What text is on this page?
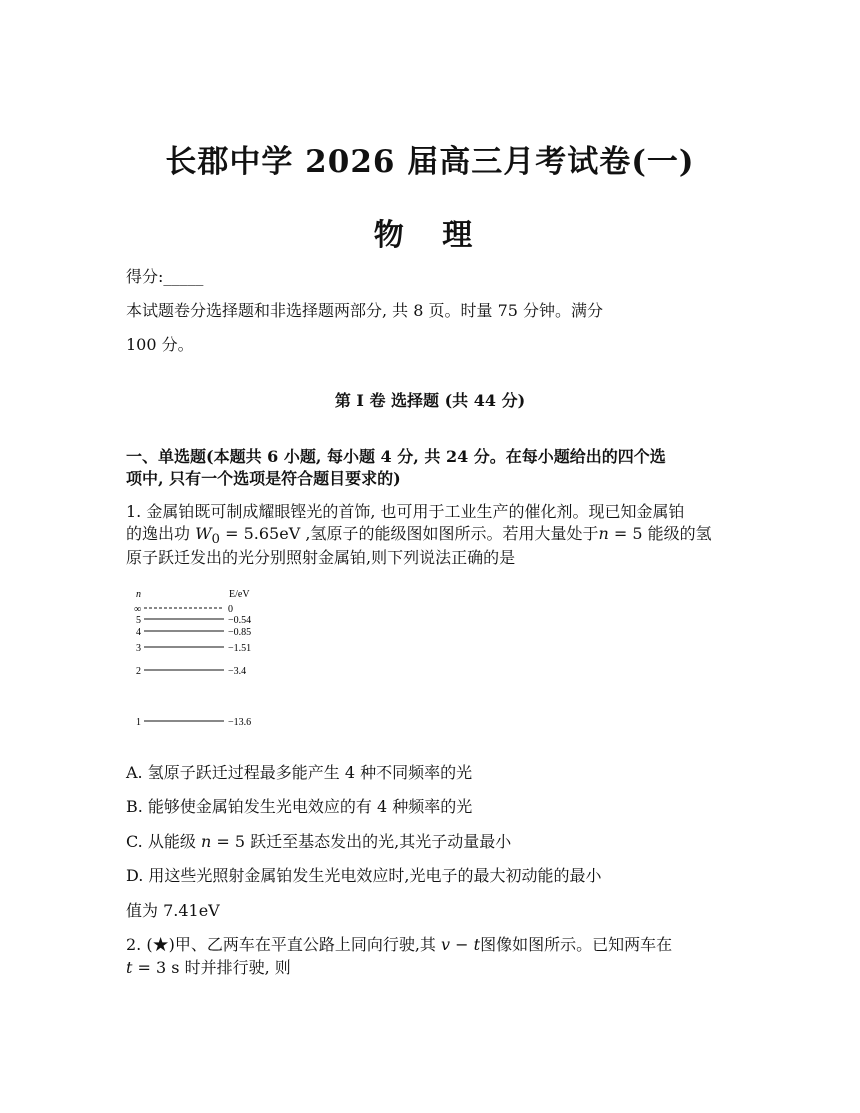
长郡中学 2026 届高三月考试卷(一)
物 理
得分:_____
本试题卷分选择题和非选择题两部分, 共 8 页。时量 75 分钟。满分
100 分。
第 I 卷 选择题 (共 44 分)
一、单选题(本题共 6 小题, 每小题 4 分, 共 24 分。在每小题给出的四个选
项中, 只有一个选项是符合题目要求的)
1. 金属铂既可制成耀眼铿光的首饰, 也可用于工业生产的催化剂。现已知金属铂
的逸出功 $W_0 = 5.65eV$ ,氢原子的能级图如图所示。若用大量处于n = 5 能级的氢
原子跃迁发出的光分别照射金属铂,则下列说法正确的是
n	E/eV
∞	0
5	−0.54
4	−0.85
3	−1.51
2	−3.4
1	−13.6
A. 氢原子跃迁过程最多能产生 4 种不同频率的光
B. 能够使金属铂发生光电效应的有 4 种频率的光
C. 从能级 n = 5 跃迁至基态发出的光,其光子动量最小
D. 用这些光照射金属铂发生光电效应时,光电子的最大初动能的最小
值为 7.41eV
2. (★)甲、乙两车在平直公路上同向行驶,其 v − t图像如图所示。已知两车在
t = 3 s 时并排行驶, 则
